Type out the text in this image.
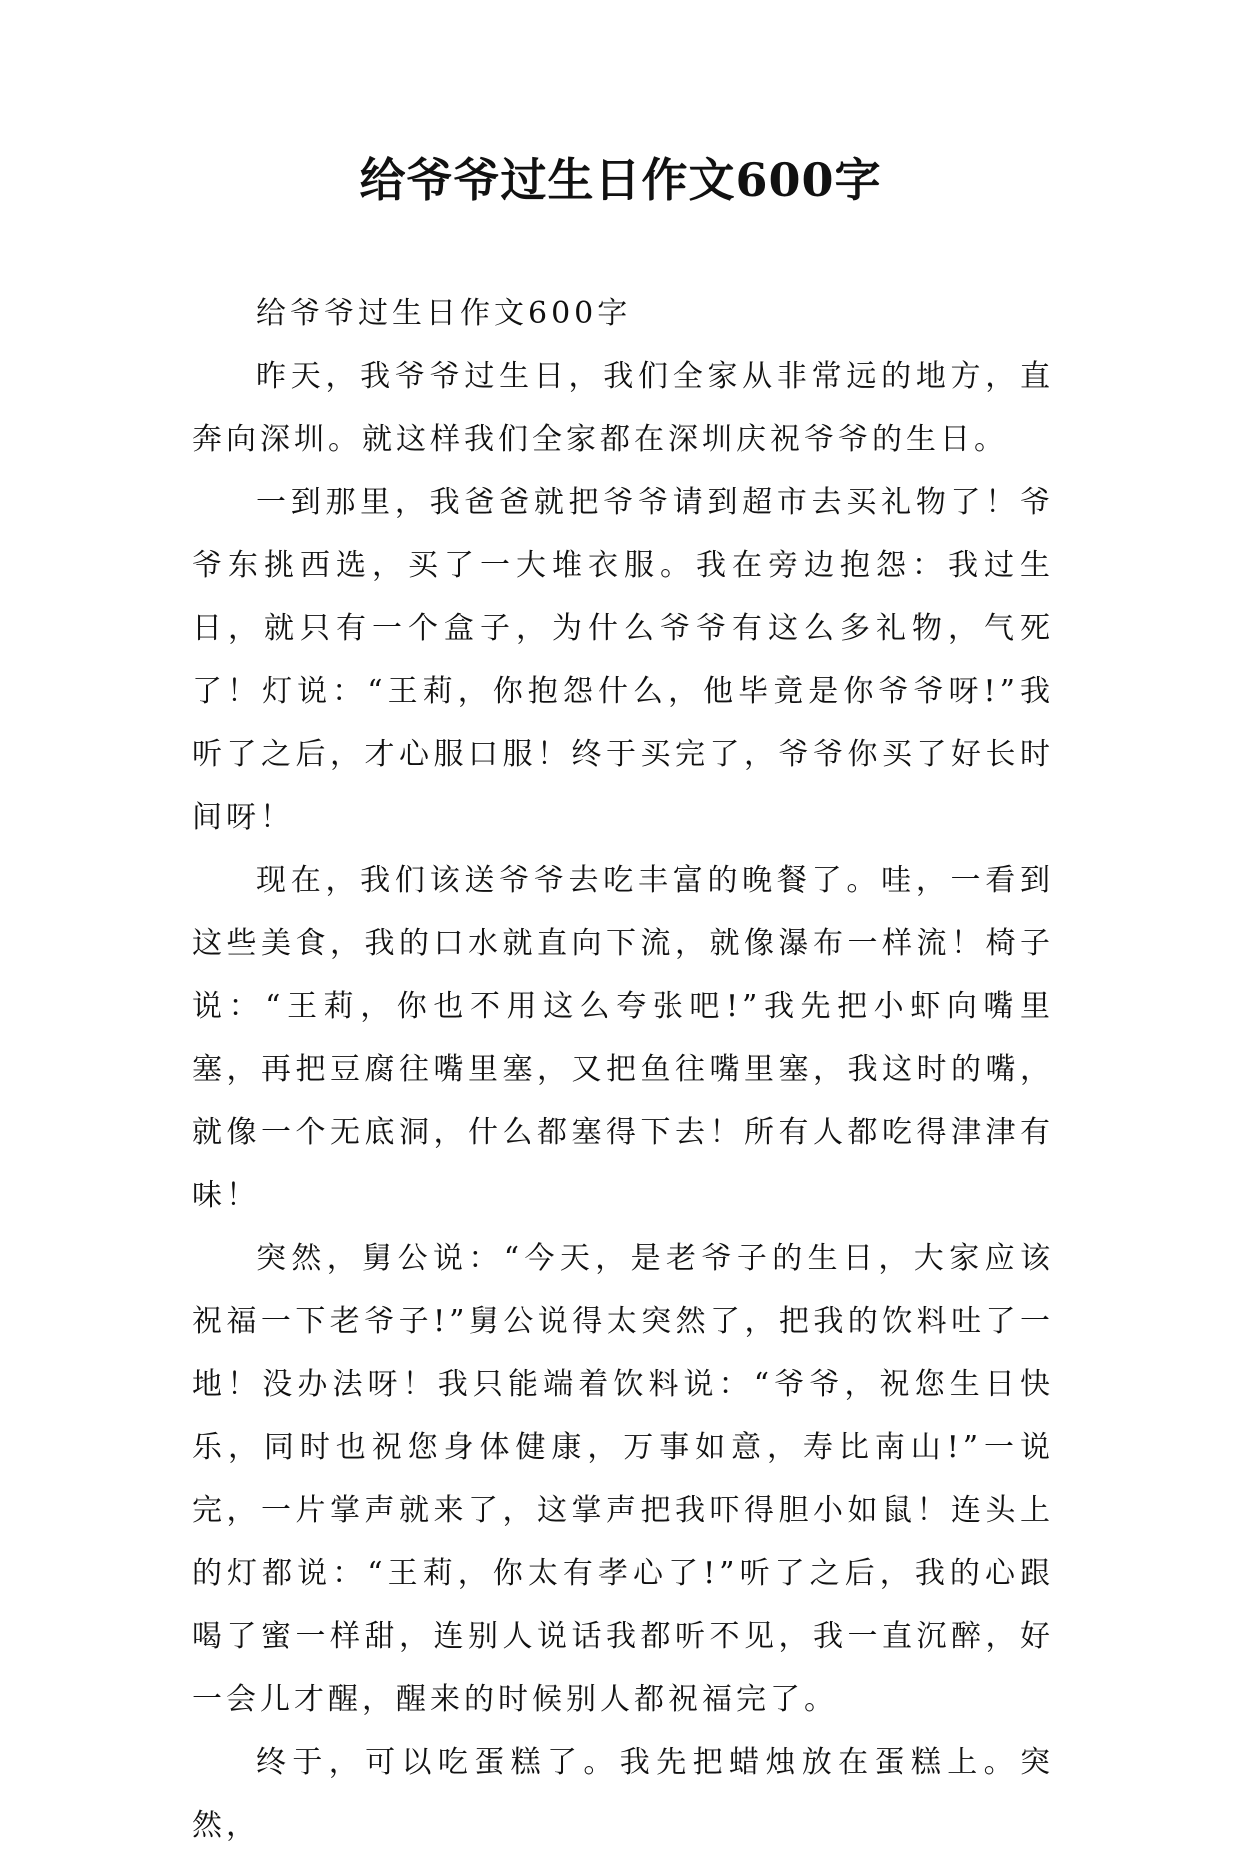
给爷爷过生日作文600字

给爷爷过生日作文600字

昨天，我爷爷过生日，我们全家从非常远的地方，直奔向深圳。就这样我们全家都在深圳庆祝爷爷的生日。

一到那里，我爸爸就把爷爷请到超市去买礼物了！爷爷东挑西选，买了一大堆衣服。我在旁边抱怨：我过生日，就只有一个盒子，为什么爷爷有这么多礼物，气死了！灯说：“王莉，你抱怨什么，他毕竟是你爷爷呀!”我听了之后，才心服口服！终于买完了，爷爷你买了好长时间呀！

现在，我们该送爷爷去吃丰富的晚餐了。哇，一看到这些美食，我的口水就直向下流，就像瀑布一样流！椅子说：“王莉，你也不用这么夸张吧!”我先把小虾向嘴里塞，再把豆腐往嘴里塞，又把鱼往嘴里塞，我这时的嘴，就像一个无底洞，什么都塞得下去！所有人都吃得津津有味！

突然，舅公说：“今天，是老爷子的生日，大家应该祝福一下老爷子!”舅公说得太突然了，把我的饮料吐了一地！没办法呀！我只能端着饮料说：“爷爷，祝您生日快乐，同时也祝您身体健康，万事如意，寿比南山!”一说完，一片掌声就来了，这掌声把我吓得胆小如鼠！连头上的灯都说：“王莉，你太有孝心了!”听了之后，我的心跟喝了蜜一样甜，连别人说话我都听不见，我一直沉醉，好一会儿才醒，醒来的时候别人都祝福完了。

终于，可以吃蛋糕了。我先把蜡烛放在蛋糕上。突然，
